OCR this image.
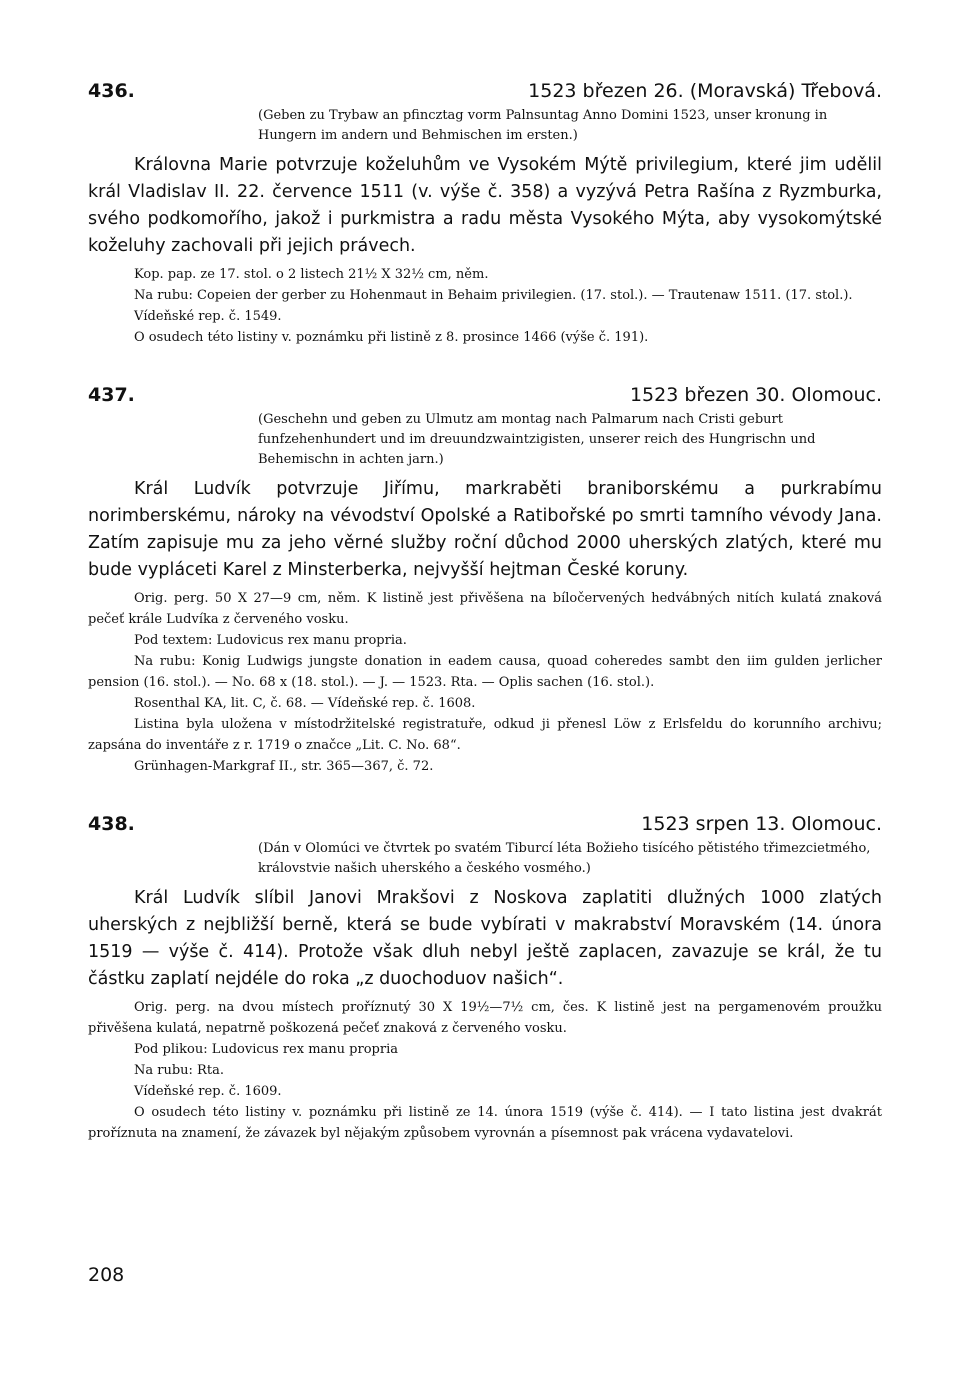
436.	1523 březen 26. (Moravská) Třebová.
(Geben zu Trybaw an pfincztag vorm Palnsuntag Anno Domini 1523, unser kronung in Hungern im andern und Behmischen im ersten.)
Královna Marie potvrzuje koželuhům ve Vysokém Mýtě privilegium, které jim udělil král Vladislav II. 22. července 1511 (v. výše č. 358) a vyzývá Petra Rašína z Ryzmburka, svého podkomořího, jakož i purkmistra a radu města Vysokého Mýta, aby vysokomýtské koželuhy zachovali při jejich právech.
Kop. pap. ze 17. stol. o 2 listech 21½ X 32½ cm, něm.
Na rubu: Copeien der gerber zu Hohenmaut in Behaim privilegien. (17. stol.). — Trautenaw 1511. (17. stol.).
Vídeňské rep. č. 1549.
O osudech této listiny v. poznámku při listině z 8. prosince 1466 (výše č. 191).
437.	1523 březen 30. Olomouc.
(Geschehn und geben zu Ulmutz am montag nach Palmarum nach Cristi geburt funfzehenhundert und im dreuundzwaintzigisten, unserer reich des Hungrischn und Behemischn in achten jarn.)
Král Ludvík potvrzuje Jiřímu, markraběti braniborskému a purkrabímu norimberskému, nároky na vévodství Opolské a Ratibořské po smrti tamního vévody Jana. Zatím zapisuje mu za jeho věrné služby roční důchod 2000 uherských zlatých, které mu bude vypláceti Karel z Minsterberka, nejvyšší hejtman České koruny.
Orig. perg. 50 X 27—9 cm, něm. K listině jest přivěšena na bíločervených hedvábných nitích kulatá znaková pečeť krále Ludvíka z červeného vosku.
Pod textem: Ludovicus rex manu propria.
Na rubu: Konig Ludwigs jungste donation in eadem causa, quoad coheredes sambt den iim gulden jerlicher pension (16. stol.). — No. 68 x (18. stol.). — J. — 1523. Rta. — Oplis sachen (16. stol.).
Rosenthal KA, lit. C, č. 68. — Vídeňské rep. č. 1608.
Listina byla uložena v místodržitelské registratuře, odkud ji přenesl Löw z Erlsfeldu do korunního archivu; zapsána do inventáře z r. 1719 o značce „Lit. C. No. 68“.
Grünhagen-Markgraf II., str. 365—367, č. 72.
438.	1523 srpen 13. Olomouc.
(Dán v Olomúci ve čtvrtek po svatém Tiburcí léta Božieho tisícého pětistého třimezcietmého, královstvie našich uherského a českého vosmého.)
Král Ludvík slíbil Janovi Mrakšovi z Noskova zaplatiti dlužných 1000 zlatých uherských z nejbližší berně, která se bude vybírati v makrabství Moravském (14. února 1519 — výše č. 414). Protože však dluh nebyl ještě zaplacen, zavazuje se král, že tu částku zaplatí nejdéle do roka „z duochoduov našich“.
Orig. perg. na dvou místech proříznutý 30 X 19½—7½ cm, čes. K listině jest na pergamenovém proužku přivěšena kulatá, nepatrně poškozená pečeť znaková z červeného vosku.
Pod plikou: Ludovicus rex manu propria
Na rubu: Rta.
Vídeňské rep. č. 1609.
O osudech této listiny v. poznámku při listině ze 14. února 1519 (výše č. 414). — I tato listina jest dvakrát proříznuta na znamení, že závazek byl nějakým způsobem vyrovnán a písemnost pak vrácena vydavatelovi.
208
